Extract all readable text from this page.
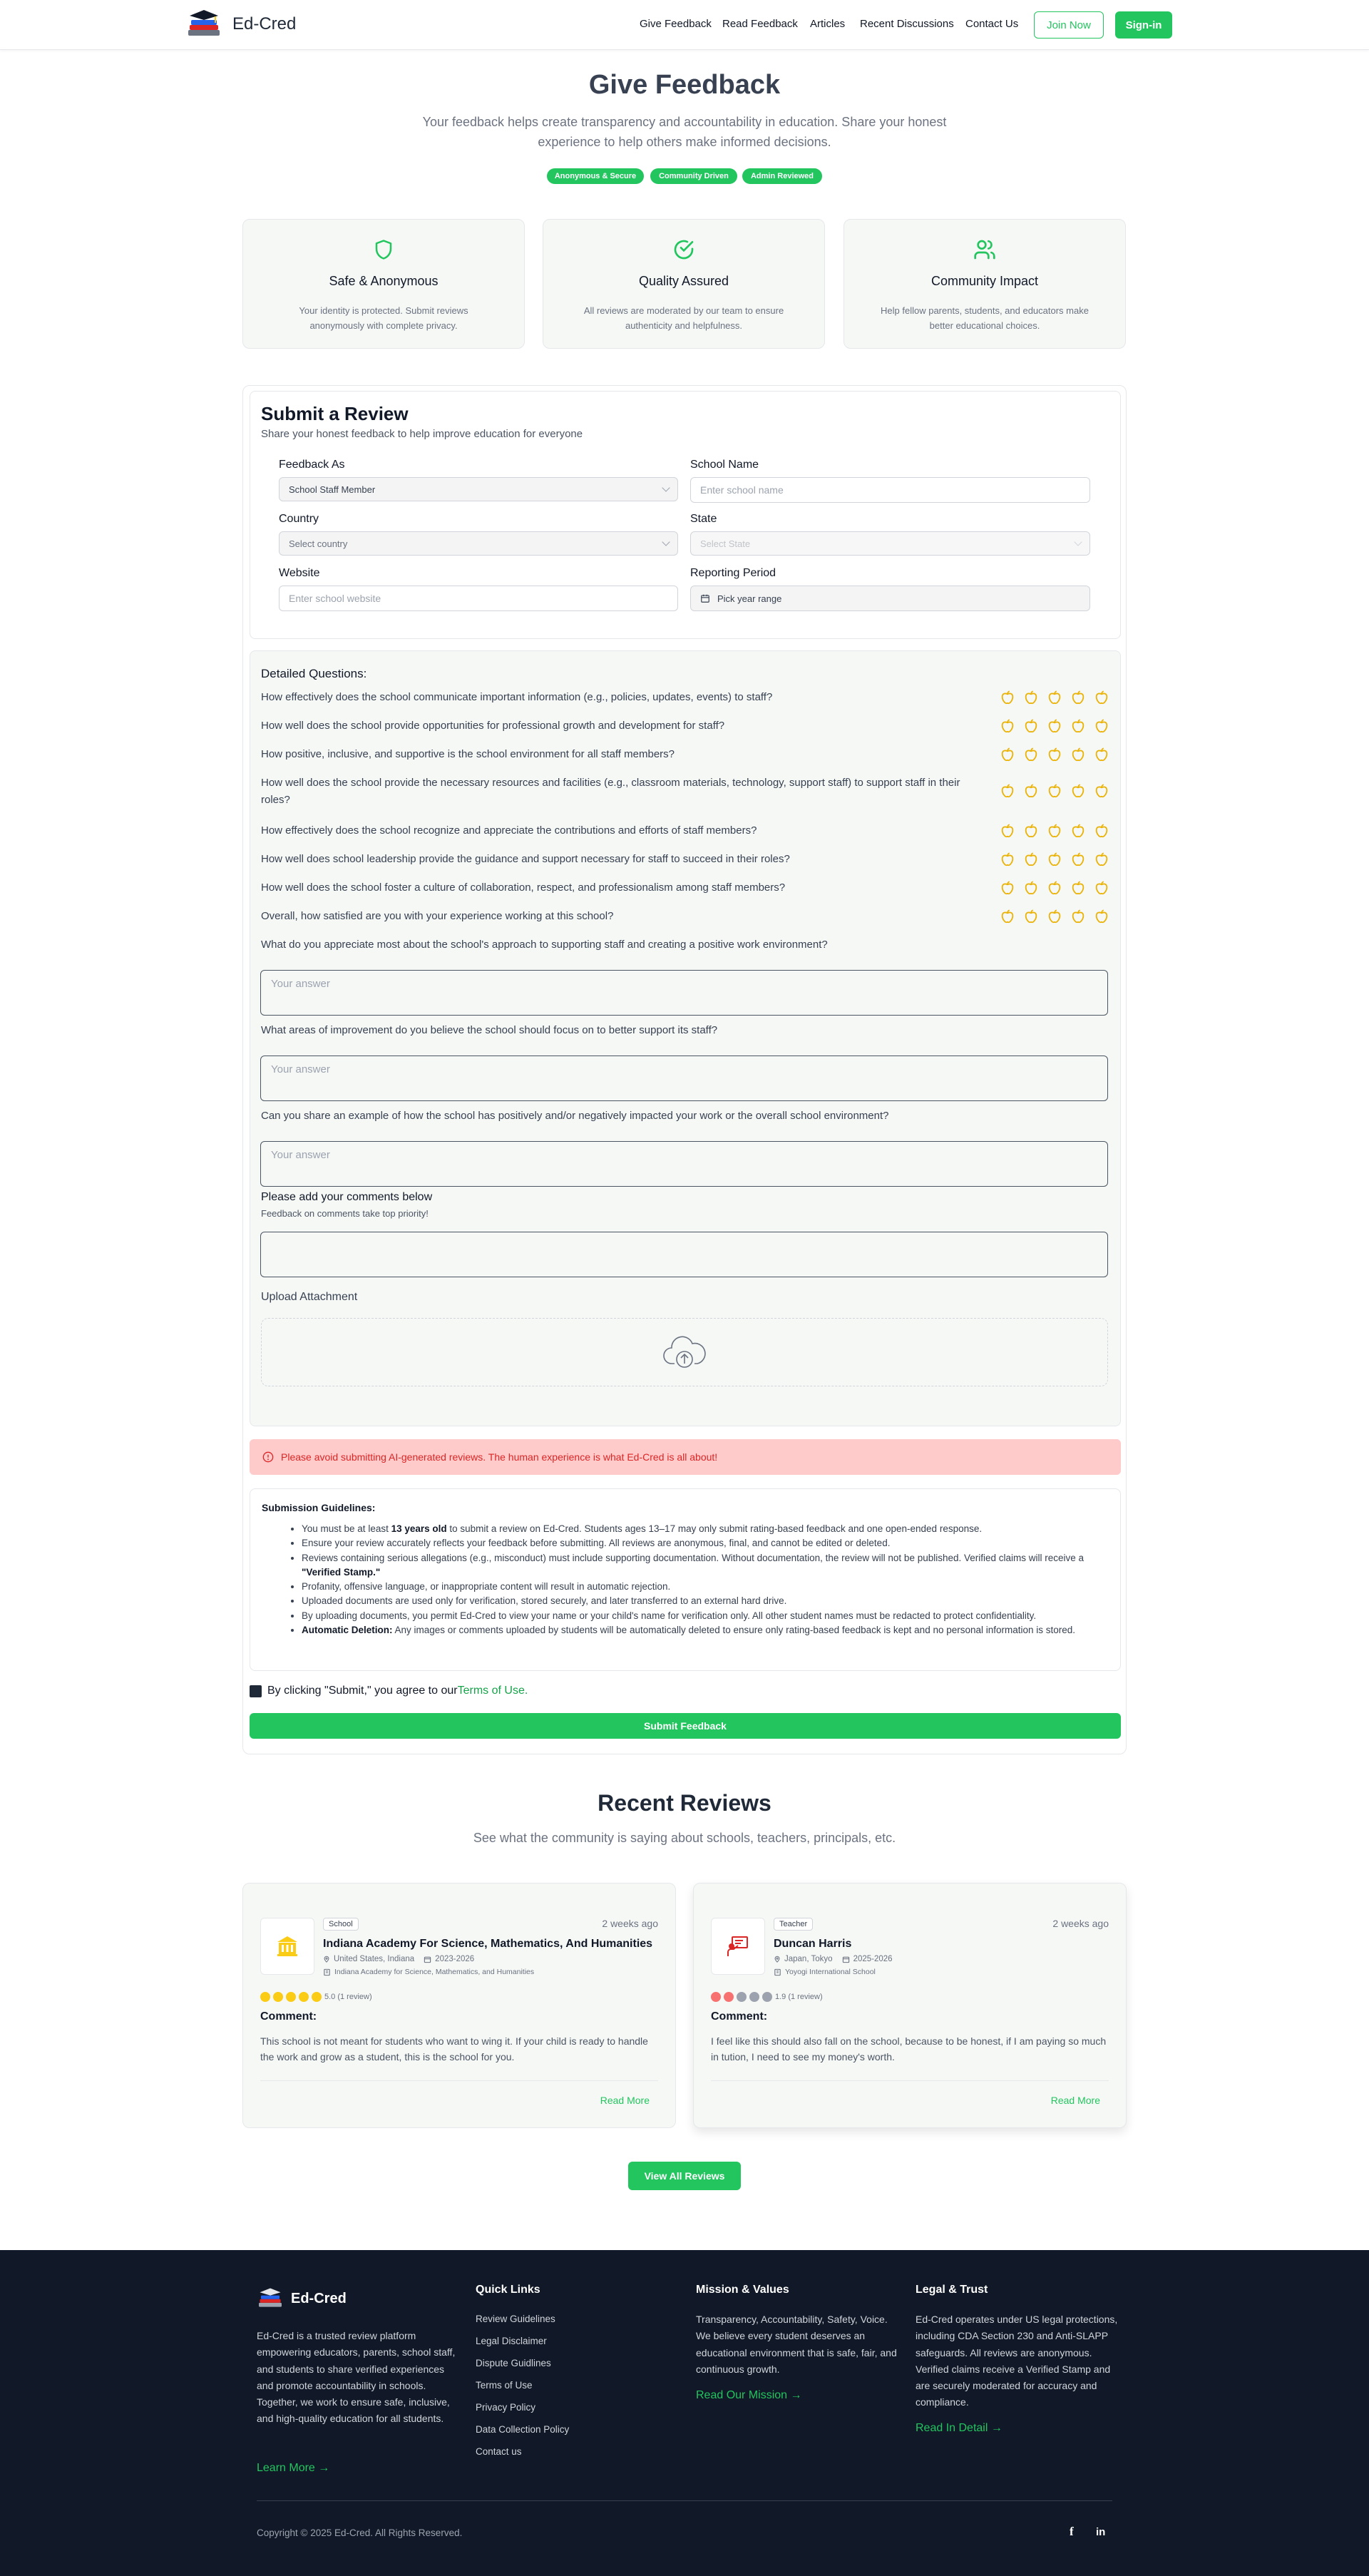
Ed-Cred	Give Feedback Read Feedback Articles Recent Discussions Contact Us	Join Now	Sign-in
Give Feedback

Your feedback helps create transparency and accountability in education. Share your honest experience to help others make informed decisions.

Anonymous & Secure	Community Driven	Admin Reviewed
Safe & Anonymous

Your identity is protected. Submit reviews anonymously with complete privacy.

Quality Assured

All reviews are moderated by our team to ensure authenticity and helpfulness.

Community Impact

Help fellow parents, students, and educators make better educational choices.

Submit a Review
Share your honest feedback to help improve education for everyone
Feedback As
School Staff Member
School Name
Enter school name
Country
Select country
State
Select State
Website
Enter school website
Reporting Period
Pick year range
Detailed Questions:
How effectively does the school communicate important information (e.g., policies, updates, events) to staff?
How well does the school provide opportunities for professional growth and development for staff?
How positive, inclusive, and supportive is the school environment for all staff members?
How well does the school provide the necessary resources and facilities (e.g., classroom materials, technology, support staff) to support staff in their roles?
How effectively does the school recognize and appreciate the contributions and efforts of staff members?
How well does school leadership provide the guidance and support necessary for staff to succeed in their roles?
How well does the school foster a culture of collaboration, respect, and professionalism among staff members?
Overall, how satisfied are you with your experience working at this school?
What do you appreciate most about the school's approach to supporting staff and creating a positive work environment?
Your answer
What areas of improvement do you believe the school should focus on to better support its staff?
Your answer
Can you share an example of how the school has positively and/or negatively impacted your work or the overall school environment?
Your answer
Please add your comments below
Feedback on comments take top priority!
Upload Attachment
Please avoid submitting AI-generated reviews. The human experience is what Ed-Cred is all about!
Submission Guidelines:
• You must be at least 13 years old to submit a review on Ed-Cred. Students ages 13–17 may only submit rating-based feedback and one open-ended response.
• Ensure your review accurately reflects your feedback before submitting. All reviews are anonymous, final, and cannot be edited or deleted.
• Reviews containing serious allegations (e.g., misconduct) must include supporting documentation. Without documentation, the review will not be published. Verified claims will receive a "Verified Stamp."
• Profanity, offensive language, or inappropriate content will result in automatic rejection.
• Uploaded documents are used only for verification, stored securely, and later transferred to an external hard drive.
• By uploading documents, you permit Ed-Cred to view your name or your child's name for verification only. All other student names must be redacted to protect confidentiality.
• Automatic Deletion: Any images or comments uploaded by students will be automatically deleted to ensure only rating-based feedback is kept and no personal information is stored.
By clicking "Submit," you agree to our Terms of Use.
Submit Feedback
Recent Reviews

See what the community is saying about schools, teachers, principals, etc.

School	2 weeks ago
Indiana Academy For Science, Mathematics, And Humanities
United States, Indiana	2023-2026
Indiana Academy for Science, Mathematics, and Humanities
5.0 (1 review)
Comment:
This school is not meant for students who want to wing it. If your child is ready to handle the work and grow as a student, this is the school for you.
Read More
Teacher	2 weeks ago
Duncan Harris
Japan, Tokyo	2025-2026
Yoyogi International School
1.9 (1 review)
Comment:
I feel like this should also fall on the school, because to be honest, if I am paying so much in tution, I need to see my money's worth.
Read More
View All Reviews
Ed-Cred

Ed-Cred is a trusted review platform empowering educators, parents, school staff, and students to share verified experiences and promote accountability in schools. Together, we work to ensure safe, inclusive, and high-quality education for all students.

Learn More →
Quick Links
Review Guidelines
Legal Disclaimer
Dispute Guidlines
Terms of Use
Privacy Policy
Data Collection Policy
Contact us
Mission & Values

Transparency, Accountability, Safety, Voice. We believe every student deserves an educational environment that is safe, fair, and continuous growth.

Read Our Mission →
Legal & Trust

Ed-Cred operates under US legal protections, including CDA Section 230 and Anti-SLAPP safeguards. All reviews are anonymous. Verified claims receive a Verified Stamp and are securely moderated for accuracy and compliance.

Read In Detail →
Copyright © 2025 Ed-Cred. All Rights Reserved.	f in
